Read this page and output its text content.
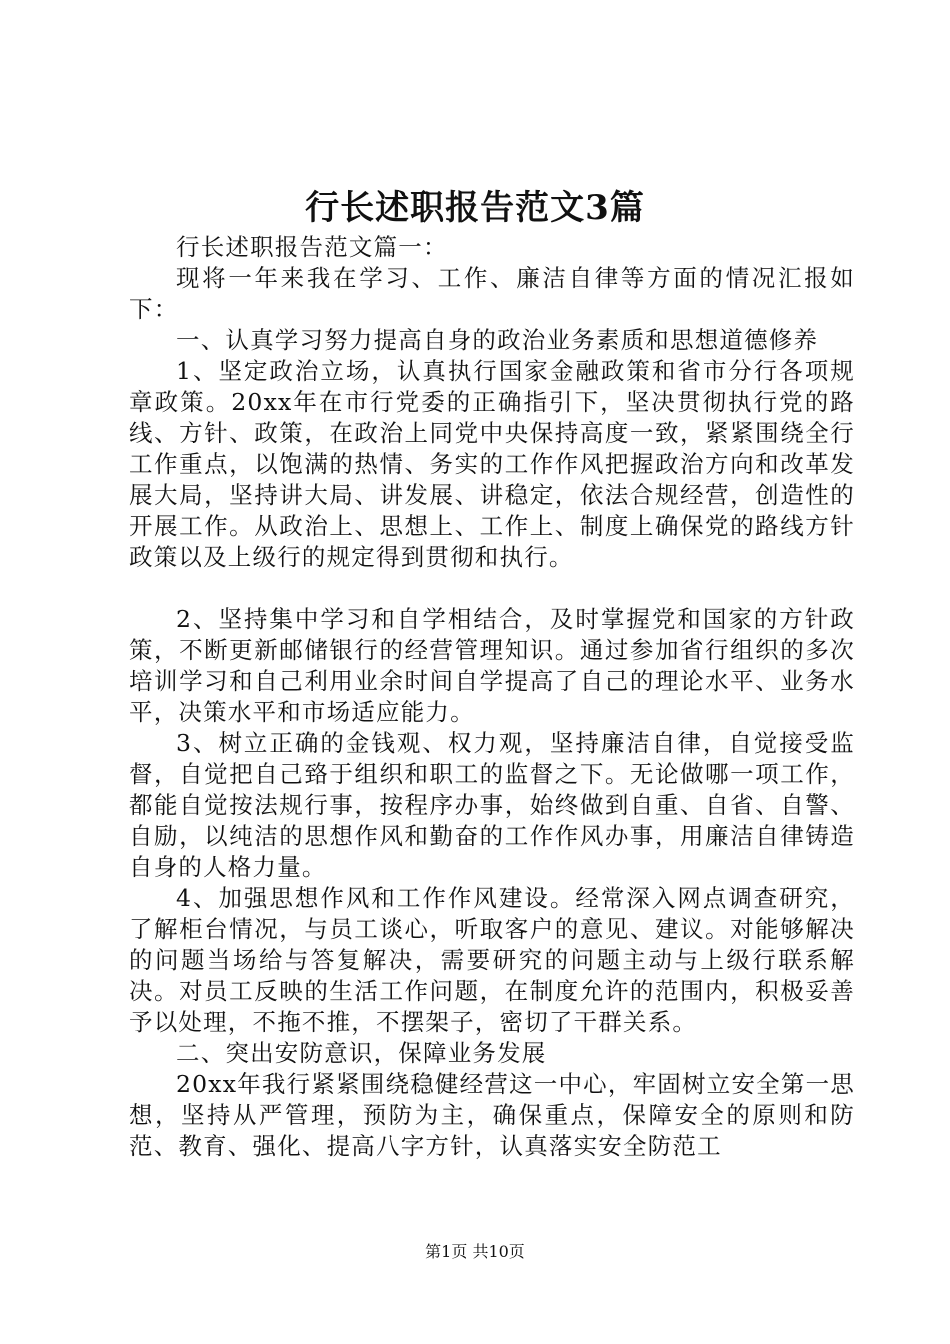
行长述职报告范文3篇

行长述职报告范文篇一：

现将一年来我在学习、工作、廉洁自律等方面的情况汇报如下：

一、认真学习努力提高自身的政治业务素质和思想道德修养

1、坚定政治立场，认真执行国家金融政策和省市分行各项规章政策。20xx年在市行党委的正确指引下，坚决贯彻执行党的路线、方针、政策，在政治上同党中央保持高度一致，紧紧围绕全行工作重点，以饱满的热情、务实的工作作风把握政治方向和改革发展大局，坚持讲大局、讲发展、讲稳定，依法合规经营，创造性的开展工作。从政治上、思想上、工作上、制度上确保党的路线方针政策以及上级行的规定得到贯彻和执行。

2、坚持集中学习和自学相结合，及时掌握党和国家的方针政策，不断更新邮储银行的经营管理知识。通过参加省行组织的多次培训学习和自己利用业余时间自学提高了自己的理论水平、业务水平，决策水平和市场适应能力。

3、树立正确的金钱观、权力观，坚持廉洁自律，自觉接受监督，自觉把自己臵于组织和职工的监督之下。无论做哪一项工作，都能自觉按法规行事，按程序办事，始终做到自重、自省、自警、自励，以纯洁的思想作风和勤奋的工作作风办事，用廉洁自律铸造自身的人格力量。

4、加强思想作风和工作作风建设。经常深入网点调查研究，了解柜台情况，与员工谈心，听取客户的意见、建议。对能够解决的问题当场给与答复解决，需要研究的问题主动与上级行联系解决。对员工反映的生活工作问题，在制度允许的范围内，积极妥善予以处理，不拖不推，不摆架子，密切了干群关系。

二、突出安防意识，保障业务发展

20xx年我行紧紧围绕稳健经营这一中心，牢固树立安全第一思想，坚持从严管理，预防为主，确保重点，保障安全的原则和防范、教育、强化、提高八字方针，认真落实安全防范工

第1页 共10页
